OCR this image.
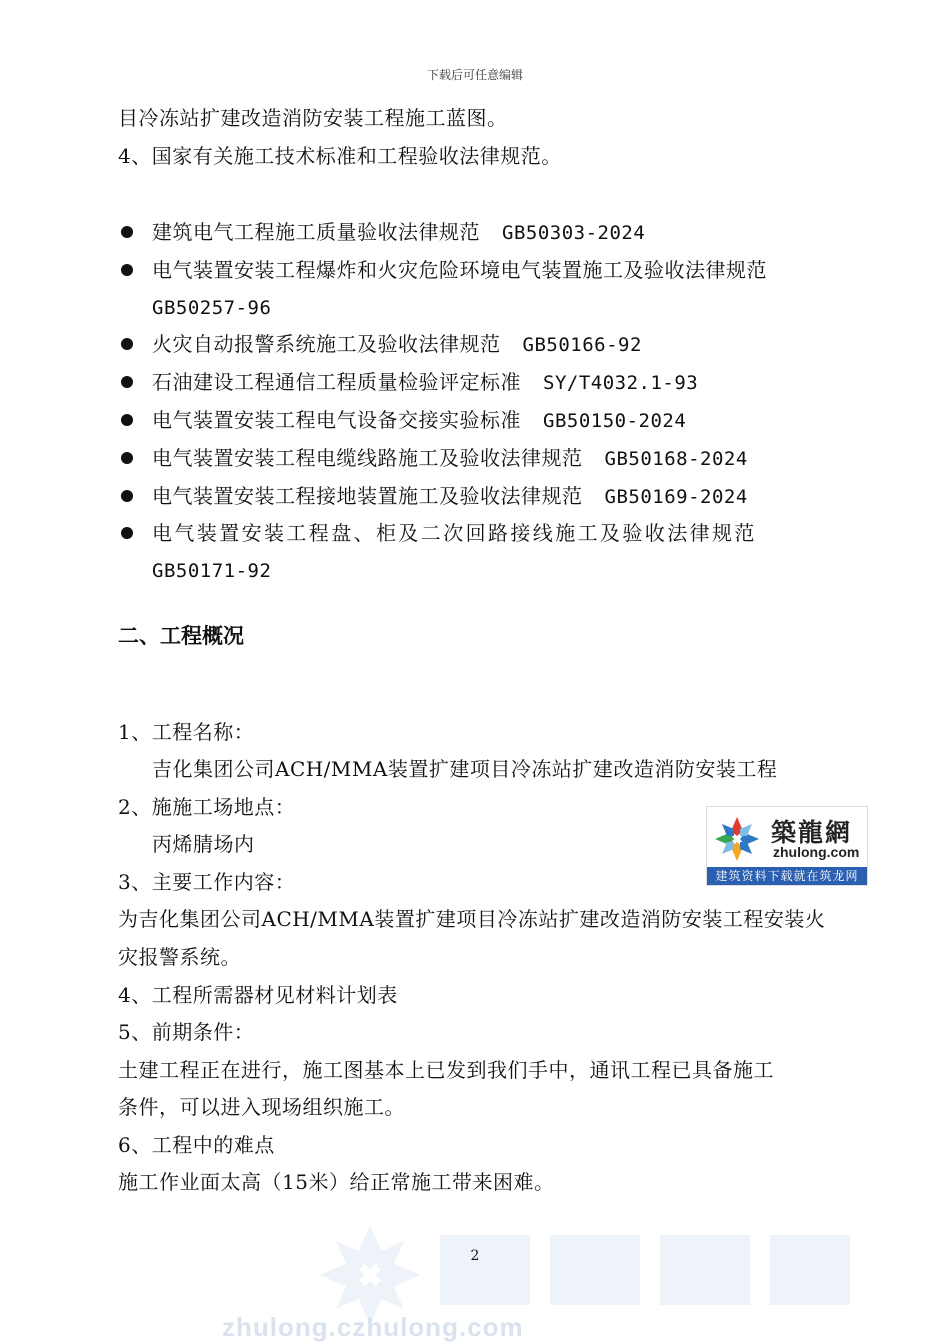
下载后可任意编辑
目冷冻站扩建改造消防安装工程施工蓝图。
4、国家有关施工技术标准和工程验收法律规范。
建筑电气工程施工质量验收法律规范 GB50303-2024
电气装置安装工程爆炸和火灾危险环境电气装置施工及验收法律规范
GB50257-96
火灾自动报警系统施工及验收法律规范 GB50166-92
石油建设工程通信工程质量检验评定标准 SY/T4032.1-93
电气装置安装工程电气设备交接实验标准 GB50150-2024
电气装置安装工程电缆线路施工及验收法律规范 GB50168-2024
电气装置安装工程接地装置施工及验收法律规范 GB50169-2024
电气装置安装工程盘、柜及二次回路接线施工及验收法律规范
GB50171-92
二、工程概况
1、工程名称：
吉化集团公司ACH/MMA装置扩建项目冷冻站扩建改造消防安装工程
2、施施工场地点：
丙烯腈场内
3、主要工作内容：
为吉化集团公司ACH/MMA装置扩建项目冷冻站扩建改造消防安装工程安装火
灾报警系统。
4、工程所需器材见材料计划表
5、前期条件：
土建工程正在进行，施工图基本上已发到我们手中，通讯工程已具备施工
条件，可以进入现场组织施工。
6、工程中的难点
施工作业面太高（15米）给正常施工带来困难。
築龍網
zhulong.com
建筑资料下载就在筑龙网
zhulong.czhulong.com
2
